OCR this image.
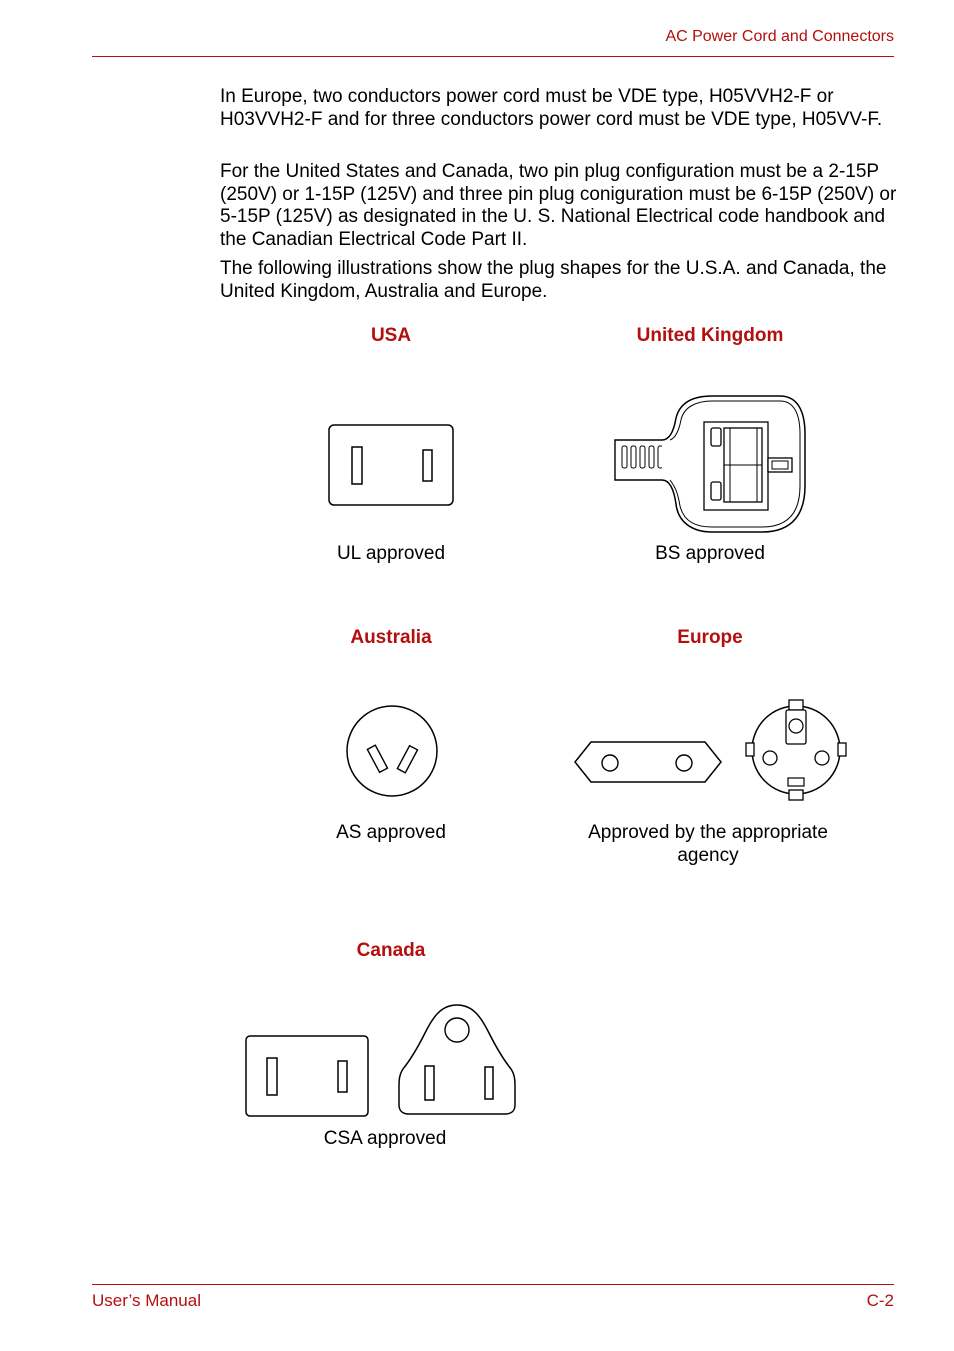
AC Power Cord and Connectors
In Europe, two conductors power cord must be VDE type, H05VVH2-F or H03VVH2-F and for three conductors power cord must be VDE type, H05VV-F.
For the United States and Canada, two pin plug configuration must be a 2-15P (250V) or 1-15P (125V) and three pin plug coniguration must be 6-15P (250V) or 5-15P (125V) as designated in the U. S. National Electrical code handbook and the Canadian Electrical Code Part II.
The following illustrations show the plug shapes for the U.S.A. and Canada, the United Kingdom, Australia and Europe.
USA
UL approved
United Kingdom
BS approved
Australia
AS approved
Europe
Approved by the appropriate agency
Canada
CSA approved
User’s Manual	C-2
